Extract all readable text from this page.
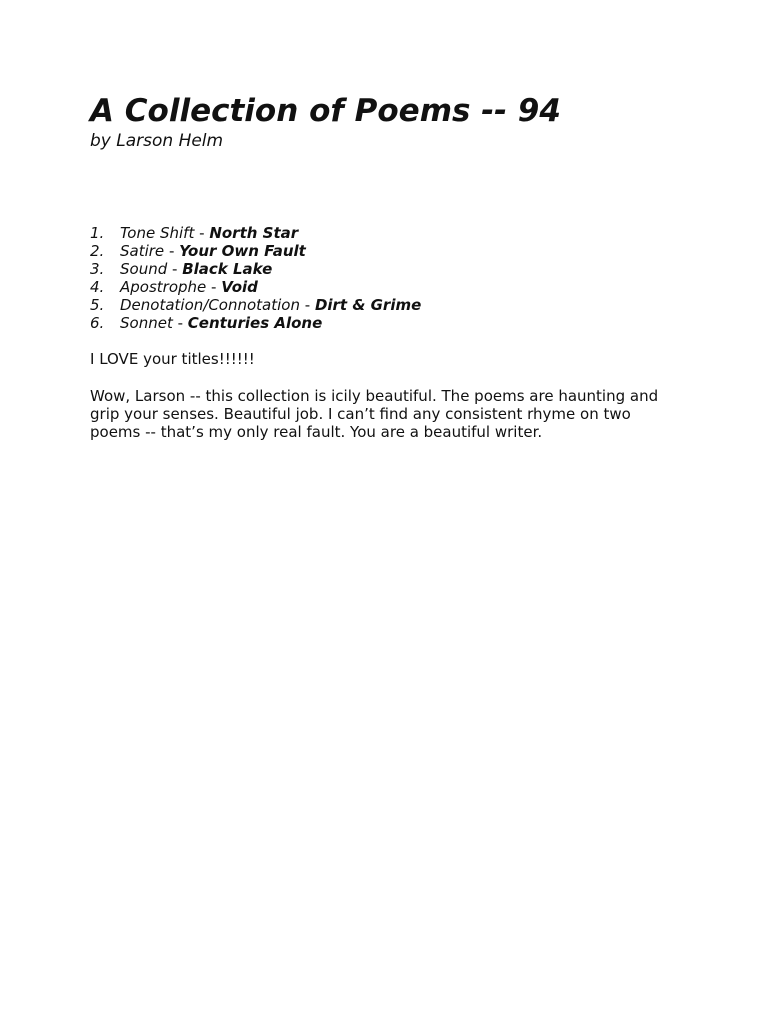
A Collection of Poems -- 94

by Larson Helm

1.	Tone Shift - North Star
2.	Satire - Your Own Fault
3.	Sound - Black Lake
4.	Apostrophe - Void
5.	Denotation/Connotation - Dirt & Grime
6.	Sonnet - Centuries Alone

I LOVE your titles!!!!!!

Wow, Larson -- this collection is icily beautiful. The poems are haunting and grip your senses. Beautiful job. I can’t find any consistent rhyme on two poems -- that’s my only real fault. You are a beautiful writer.
